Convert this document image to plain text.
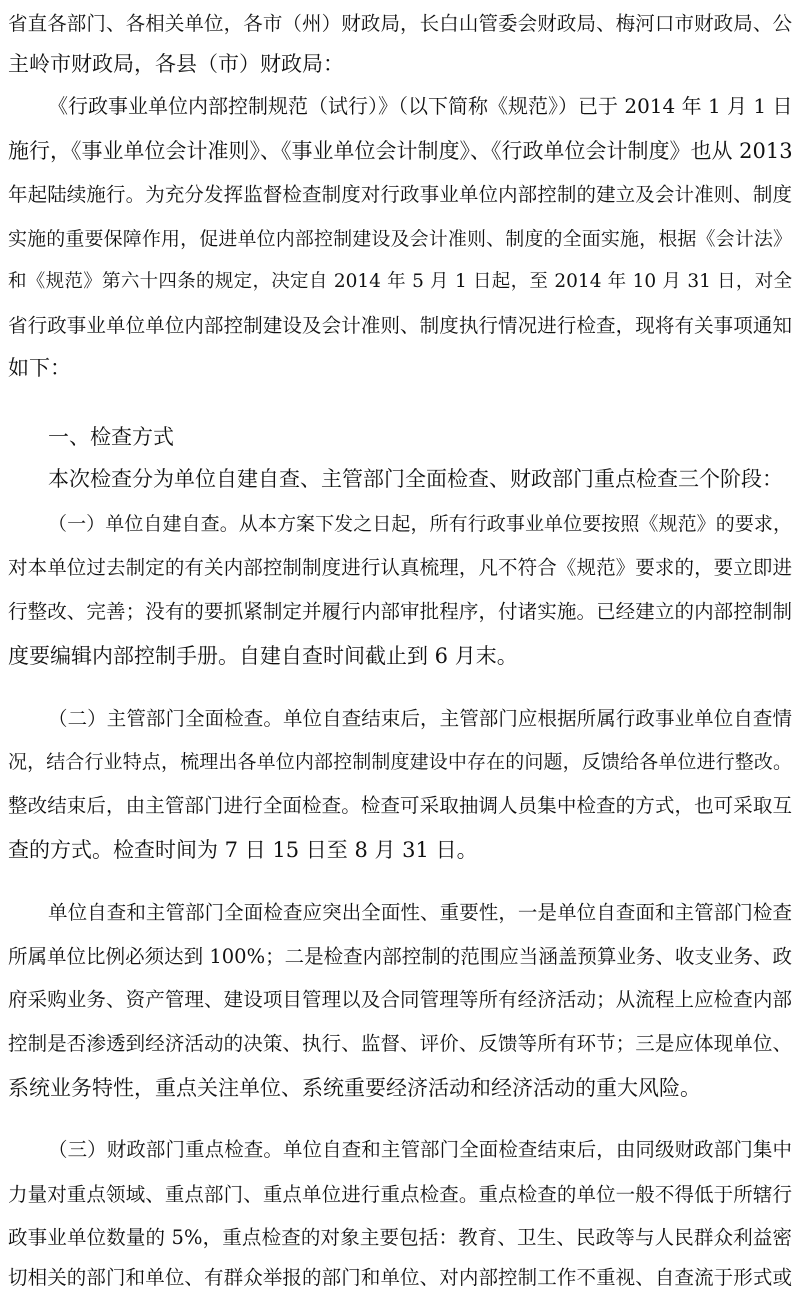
省直各部门、各相关单位，各市（州）财政局，长白山管委会财政局、梅河口市财政局、公
主岭市财政局，各县（市）财政局：
《行政事业单位内部控制规范（试行）》（以下简称《规范》）已于 2014 年 1 月 1 日
施行，《事业单位会计准则》、《事业单位会计制度》、《行政单位会计制度》也从 2013
年起陆续施行。为充分发挥监督检查制度对行政事业单位内部控制的建立及会计准则、制度
实施的重要保障作用，促进单位内部控制建设及会计准则、制度的全面实施，根据《会计法》
和《规范》第六十四条的规定，决定自 2014 年 5 月 1 日起，至 2014 年 10 月 31 日，对全
省行政事业单位单位内部控制建设及会计准则、制度执行情况进行检查，现将有关事项通知
如下：
一、检查方式
本次检查分为单位自建自查、主管部门全面检查、财政部门重点检查三个阶段：
（一）单位自建自查。从本方案下发之日起，所有行政事业单位要按照《规范》的要求，
对本单位过去制定的有关内部控制制度进行认真梳理，凡不符合《规范》要求的，要立即进
行整改、完善；没有的要抓紧制定并履行内部审批程序，付诸实施。已经建立的内部控制制
度要编辑内部控制手册。自建自查时间截止到 6 月末。
（二）主管部门全面检查。单位自查结束后，主管部门应根据所属行政事业单位自查情
况，结合行业特点，梳理出各单位内部控制制度建设中存在的问题，反馈给各单位进行整改。
整改结束后，由主管部门进行全面检查。检查可采取抽调人员集中检查的方式，也可采取互
查的方式。检查时间为 7 日 15 日至 8 月 31 日。
单位自查和主管部门全面检查应突出全面性、重要性，一是单位自查面和主管部门检查
所属单位比例必须达到 100%；二是检查内部控制的范围应当涵盖预算业务、收支业务、政
府采购业务、资产管理、建设项目管理以及合同管理等所有经济活动；从流程上应检查内部
控制是否渗透到经济活动的决策、执行、监督、评价、反馈等所有环节；三是应体现单位、
系统业务特性，重点关注单位、系统重要经济活动和经济活动的重大风险。
（三）财政部门重点检查。单位自查和主管部门全面检查结束后，由同级财政部门集中
力量对重点领域、重点部门、重点单位进行重点检查。重点检查的单位一般不得低于所辖行
政事业单位数量的 5%，重点检查的对象主要包括：教育、卫生、民政等与人民群众利益密
切相关的部门和单位、有群众举报的部门和单位、对内部控制工作不重视、自查流于形式或
